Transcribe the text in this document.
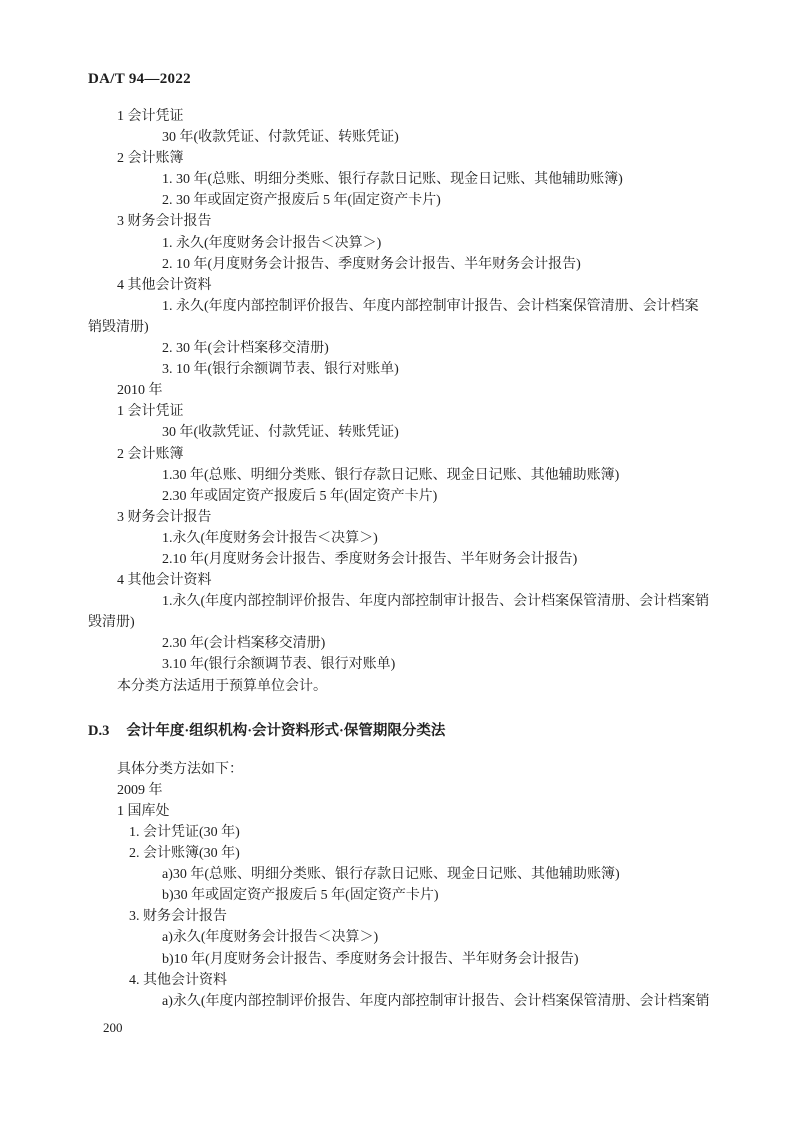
DA/T 94—2022
1 会计凭证
30 年(收款凭证、付款凭证、转账凭证)
2 会计账簿
1. 30 年(总账、明细分类账、银行存款日记账、现金日记账、其他辅助账簿)
2. 30 年或固定资产报废后 5 年(固定资产卡片)
3 财务会计报告
1. 永久(年度财务会计报告＜决算＞)
2. 10 年(月度财务会计报告、季度财务会计报告、半年财务会计报告)
4 其他会计资料
1. 永久(年度内部控制评价报告、年度内部控制审计报告、会计档案保管清册、会计档案
销毁清册)
2. 30 年(会计档案移交清册)
3. 10 年(银行余额调节表、银行对账单)
2010 年
1 会计凭证
30 年(收款凭证、付款凭证、转账凭证)
2 会计账簿
1.30 年(总账、明细分类账、银行存款日记账、现金日记账、其他辅助账簿)
2.30 年或固定资产报废后 5 年(固定资产卡片)
3 财务会计报告
1.永久(年度财务会计报告＜决算＞)
2.10 年(月度财务会计报告、季度财务会计报告、半年财务会计报告)
4 其他会计资料
1.永久(年度内部控制评价报告、年度内部控制审计报告、会计档案保管清册、会计档案销
毁清册)
2.30 年(会计档案移交清册)
3.10 年(银行余额调节表、银行对账单)
本分类方法适用于预算单位会计。
D.3 会计年度·组织机构·会计资料形式·保管期限分类法
具体分类方法如下：
2009 年
1 国库处
1. 会计凭证(30 年)
2. 会计账簿(30 年)
a)30 年(总账、明细分类账、银行存款日记账、现金日记账、其他辅助账簿)
b)30 年或固定资产报废后 5 年(固定资产卡片)
3. 财务会计报告
a)永久(年度财务会计报告＜决算＞)
b)10 年(月度财务会计报告、季度财务会计报告、半年财务会计报告)
4. 其他会计资料
a)永久(年度内部控制评价报告、年度内部控制审计报告、会计档案保管清册、会计档案销
200
